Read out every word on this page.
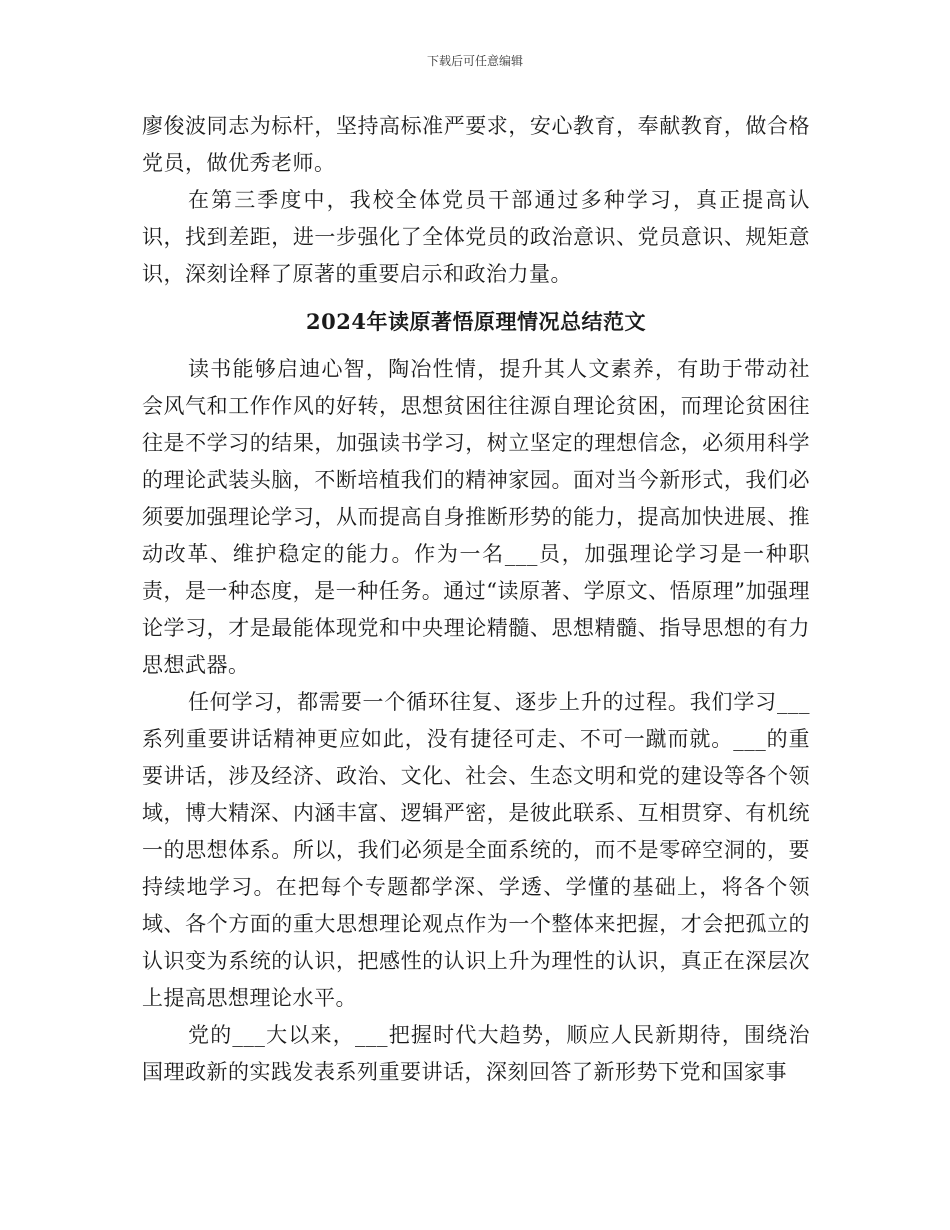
下载后可任意编辑

廖俊波同志为标杆，坚持高标准严要求，安心教育，奉献教育，做合格党员，做优秀老师。

在第三季度中，我校全体党员干部通过多种学习，真正提高认识，找到差距，进一步强化了全体党员的政治意识、党员意识、规矩意识，深刻诠释了原著的重要启示和政治力量。

2024年读原著悟原理情况总结范文

读书能够启迪心智，陶冶性情，提升其人文素养，有助于带动社会风气和工作作风的好转，思想贫困往往源自理论贫困，而理论贫困往往是不学习的结果，加强读书学习，树立坚定的理想信念，必须用科学的理论武装头脑，不断培植我们的精神家园。面对当今新形式，我们必须要加强理论学习，从而提高自身推断形势的能力，提高加快进展、推动改革、维护稳定的能力。作为一名___员，加强理论学习是一种职责，是一种态度，是一种任务。通过“读原著、学原文、悟原理”加强理论学习，才是最能体现党和中央理论精髓、思想精髓、指导思想的有力思想武器。

任何学习，都需要一个循环往复、逐步上升的过程。我们学习___系列重要讲话精神更应如此，没有捷径可走、不可一蹴而就。___的重要讲话，涉及经济、政治、文化、社会、生态文明和党的建设等各个领域，博大精深、内涵丰富、逻辑严密，是彼此联系、互相贯穿、有机统一的思想体系。所以，我们必须是全面系统的，而不是零碎空洞的，要持续地学习。在把每个专题都学深、学透、学懂的基础上，将各个领域、各个方面的重大思想理论观点作为一个整体来把握，才会把孤立的认识变为系统的认识，把感性的认识上升为理性的认识，真正在深层次上提高思想理论水平。

党的___大以来，___把握时代大趋势，顺应人民新期待，围绕治国理政新的实践发表系列重要讲话，深刻回答了新形势下党和国家事
